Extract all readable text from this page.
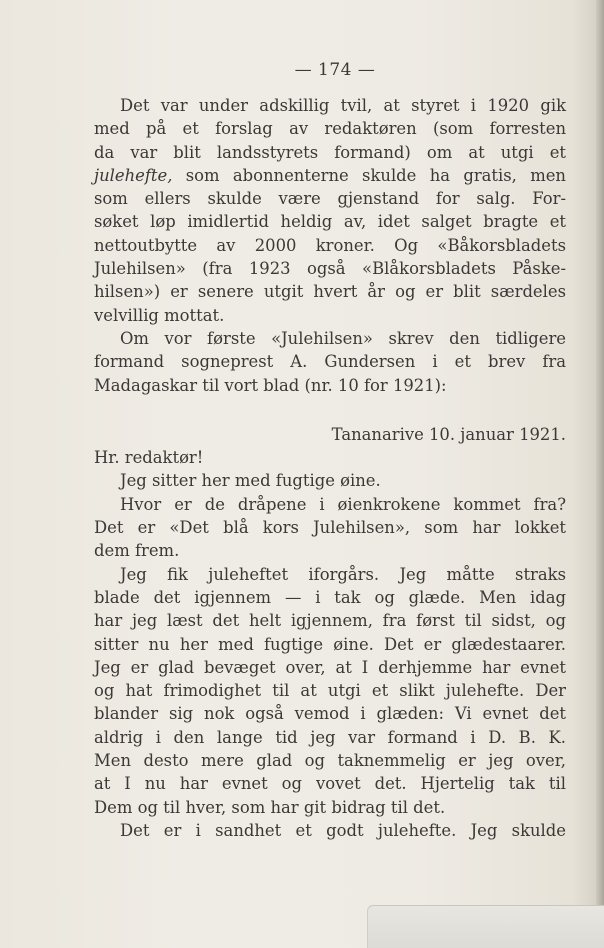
— 174 —
Det var under adskillig tvil, at styret i 1920 gik
med på et forslag av redaktøren (som forresten
da var blit landsstyrets formand) om at utgi et
julehefte, som abonnenterne skulde ha gratis, men
som ellers skulde være gjenstand for salg. For-
søket løp imidlertid heldig av, idet salget bragte et
nettoutbytte av 2000 kroner. Og «Båkorsbladets
Julehilsen» (fra 1923 også «Blåkorsbladets Påske-
hilsen») er senere utgit hvert år og er blit særdeles
velvillig mottat.
Om vor første «Julehilsen» skrev den tidligere
formand sogneprest A. Gundersen i et brev fra
Madagaskar til vort blad (nr. 10 for 1921):
Tananarive 10. januar 1921.
Hr. redaktør!
Jeg sitter her med fugtige øine.
Hvor er de dråpene i øienkrokene kommet fra?
Det er «Det blå kors Julehilsen», som har lokket
dem frem.
Jeg fik juleheftet iforgårs. Jeg måtte straks
blade det igjennem — i tak og glæde. Men idag
har jeg læst det helt igjennem, fra først til sidst, og
sitter nu her med fugtige øine. Det er glædestaarer.
Jeg er glad bevæget over, at I derhjemme har evnet
og hat frimodighet til at utgi et slikt julehefte. Der
blander sig nok også vemod i glæden: Vi evnet det
aldrig i den lange tid jeg var formand i D. B. K.
Men desto mere glad og taknemmelig er jeg over,
at I nu har evnet og vovet det. Hjertelig tak til
Dem og til hver, som har git bidrag til det.
Det er i sandhet et godt julehefte. Jeg skulde
